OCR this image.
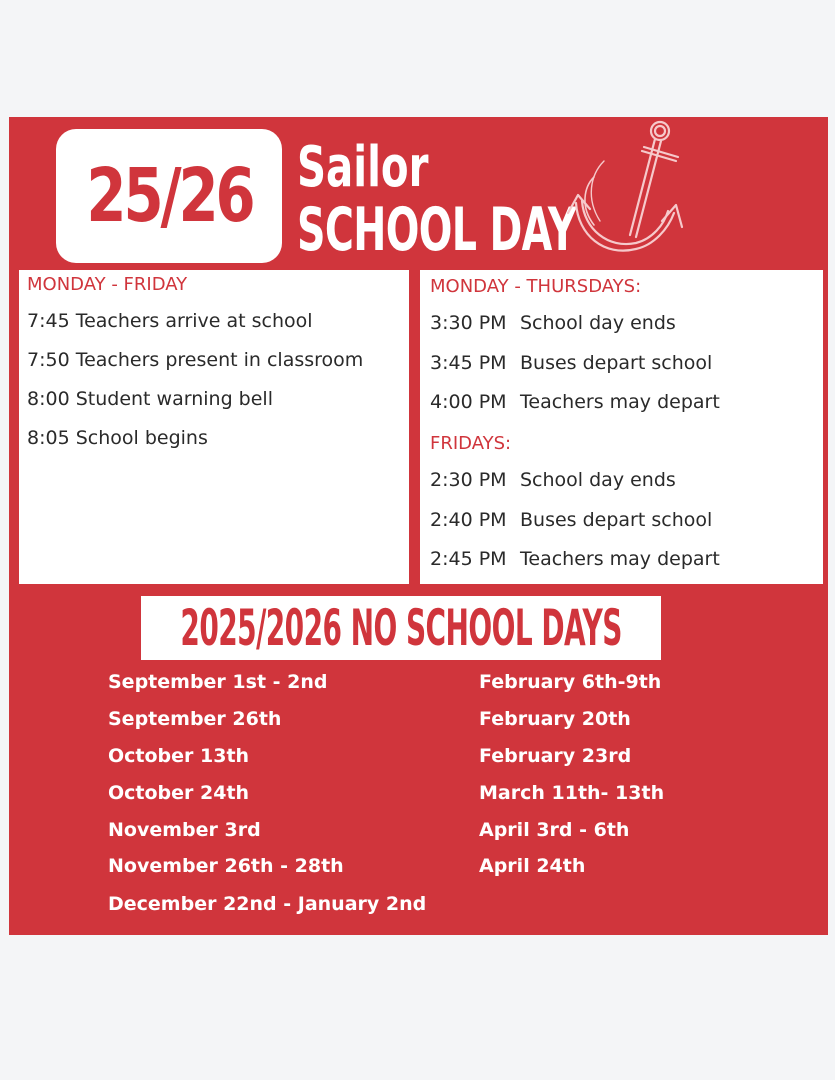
25/26 Sailor
SCHOOL DAY
MONDAY - FRIDAY
7:45 Teachers arrive at school
7:50 Teachers present in classroom
8:00 Student warning bell
8:05 School begins
MONDAY - THURSDAYS:
3:30 PM School day ends
3:45 PM Buses depart school
4:00 PM Teachers may depart
FRIDAYS:
2:30 PM School day ends
2:40 PM Buses depart school
2:45 PM Teachers may depart
2025/2026 NO SCHOOL DAYS
September 1st - 2nd
September 26th
October 13th
October 24th
November 3rd
November 26th - 28th
December 22nd - January 2nd
February 6th-9th
February 20th
February 23rd
March 11th- 13th
April 3rd - 6th
April 24th
